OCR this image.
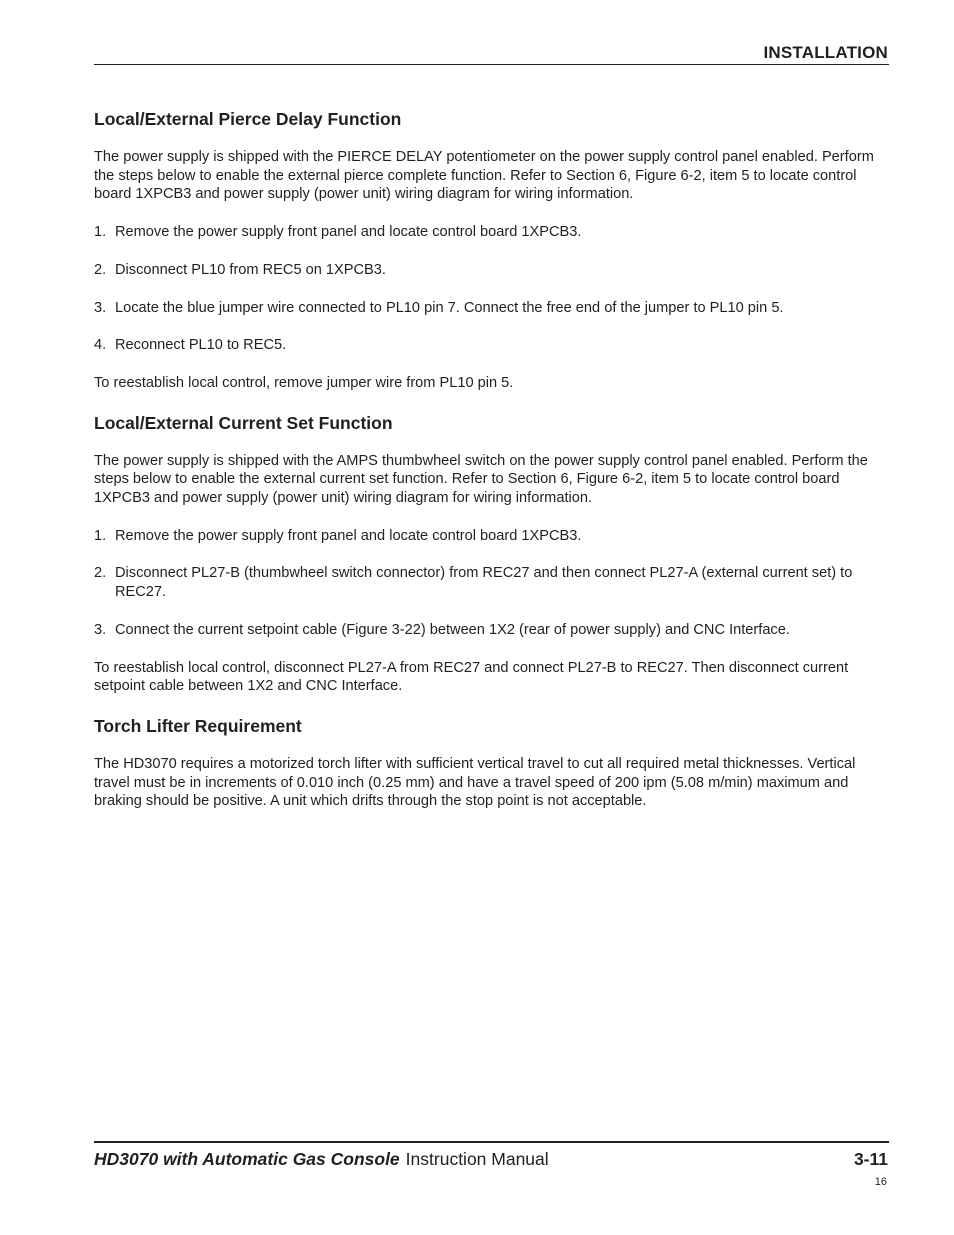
INSTALLATION
Local/External Pierce Delay Function

The power supply is shipped with the PIERCE DELAY potentiometer on the power supply control panel enabled. Perform the steps below to enable the external pierce complete function. Refer to Section 6, Figure 6-2, item 5 to locate control board 1XPCB3 and power supply (power unit) wiring diagram for wiring information.

1. Remove the power supply front panel and locate control board 1XPCB3.
2. Disconnect PL10 from REC5 on 1XPCB3.
3. Locate the blue jumper wire connected to PL10 pin 7. Connect the free end of the jumper to PL10 pin 5.
4. Reconnect PL10 to REC5.

To reestablish local control, remove jumper wire from PL10 pin 5.

Local/External Current Set Function

The power supply is shipped with the AMPS thumbwheel switch on the power supply control panel enabled. Perform the steps below to enable the external current set function. Refer to Section 6, Figure 6-2, item 5 to locate control board 1XPCB3 and power supply (power unit) wiring diagram for wiring information.

1. Remove the power supply front panel and locate control board 1XPCB3.
2. Disconnect PL27-B (thumbwheel switch connector) from REC27 and then connect PL27-A (external current set) to REC27.
3. Connect the current setpoint cable (Figure 3-22) between 1X2 (rear of power supply) and CNC Interface.

To reestablish local control, disconnect PL27-A from REC27 and connect PL27-B to REC27. Then disconnect current setpoint cable between 1X2 and CNC Interface.

Torch Lifter Requirement

The HD3070 requires a motorized torch lifter with sufficient vertical travel to cut all required metal thicknesses. Vertical travel must be in increments of 0.010 inch (0.25 mm) and have a travel speed of 200 ipm (5.08 m/min) maximum and braking should be positive. A unit which drifts through the stop point is not acceptable.

HD3070 with Automatic Gas Console Instruction Manual	3-11
16
